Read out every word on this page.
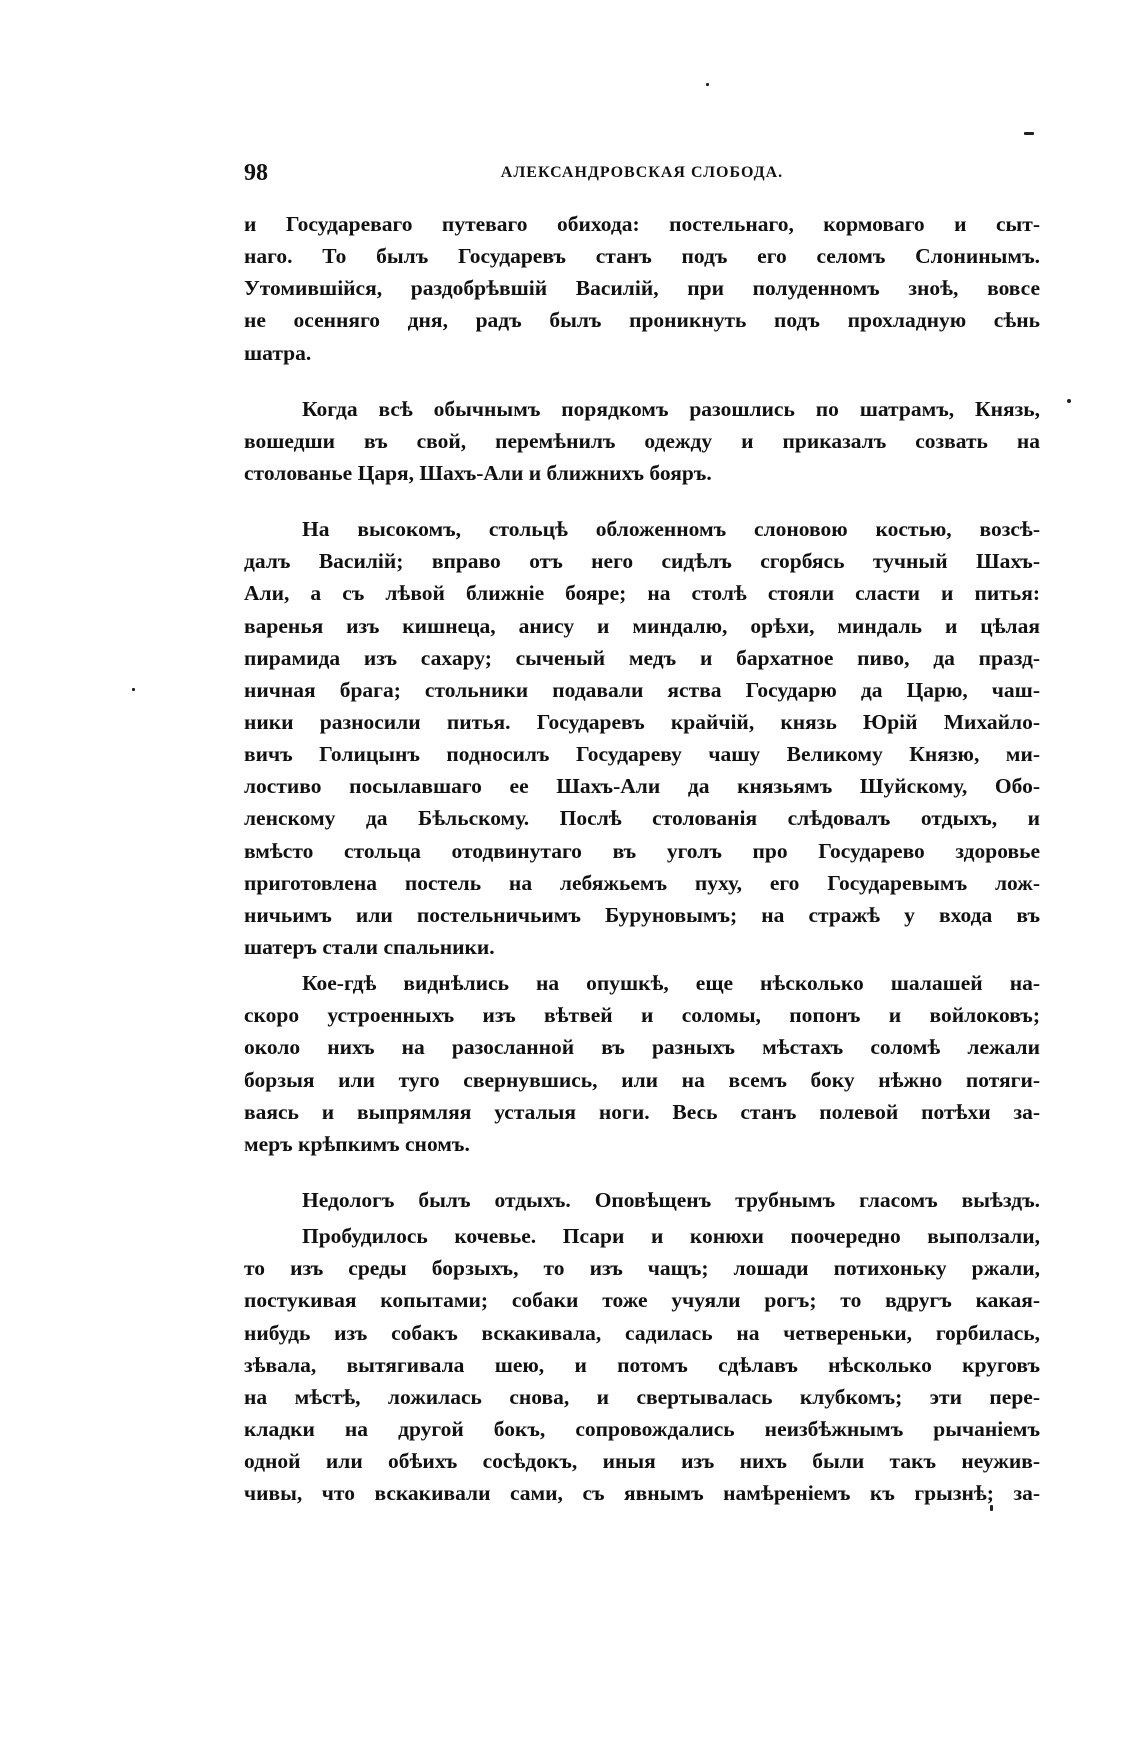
98	АЛЕКСАНДРОВСКАЯ СЛОБОДА.
и Государеваго путеваго обихода: постельнаго, кормоваго и сыт-
наго. То былъ Государевъ станъ подъ его селомъ Слонинымъ.
Утомившійся, раздобрѣвшій Василій, при полуденномъ зноѣ, вовсе
не осенняго дня, радъ былъ проникнуть подъ прохладную сѣнь
шатра.
Когда всѣ обычнымъ порядкомъ разошлись по шатрамъ, Князь,
вошедши въ свой, перемѣнилъ одежду и приказалъ созвать на
столованье Царя, Шахъ-Али и ближнихъ бояръ.
На высокомъ, стольцѣ обложенномъ слоновою костью, возсѣ-
далъ Василій; вправо отъ него сидѣлъ сгорбясь тучный Шахъ-
Али, а съ лѣвой ближніе бояре; на столѣ стояли сласти и питья:
варенья изъ кишнеца, анису и миндалю, орѣхи, миндаль и цѣлая
пирамида изъ сахару; сыченый медъ и бархатное пиво, да празд-
ничная брага; стольники подавали яства Государю да Царю, чаш-
ники разносили питья. Государевъ крайчій, князь Юрій Михайло-
вичъ Голицынъ подносилъ Государеву чашу Великому Князю, ми-
лостиво посылавшаго ее Шахъ-Али да князьямъ Шуйскому, Обо-
ленскому да Бѣльскому. Послѣ столованія слѣдовалъ отдыхъ, и
вмѣсто стольца отодвинутаго въ уголъ про Государево здоровье
приготовлена постель на лебяжьемъ пуху, его Государевымъ лож-
ничьимъ или постельничьимъ Буруновымъ; на стражѣ у входа въ
шатеръ стали спальники.
Кое-гдѣ виднѣлись на опушкѣ, еще нѣсколько шалашей на-
скоро устроенныхъ изъ вѣтвей и соломы, попонъ и войлоковъ;
около нихъ на разосланной въ разныхъ мѣстахъ соломѣ лежали
борзыя или туго свернувшись, или на всемъ боку нѣжно потяги-
ваясь и выпрямляя усталыя ноги. Весь станъ полевой потѣхи за-
меръ крѣпкимъ сномъ.
Недологъ былъ отдыхъ. Оповѣщенъ трубнымъ гласомъ выѣздъ.
Пробудилось кочевье. Псари и конюхи поочередно выползали,
то изъ среды борзыхъ, то изъ чащъ; лошади потихоньку ржали,
постукивая копытами; собаки тоже учуяли рогъ; то вдругъ какая-
нибудь изъ собакъ вскакивала, садилась на четвереньки, горбилась,
зѣвала, вытягивала шею, и потомъ сдѣлавъ нѣсколько круговъ
на мѣстѣ, ложилась снова, и свертывалась клубкомъ; эти пере-
кладки на другой бокъ, сопровождались неизбѣжнымъ рычаніемъ
одной или обѣихъ сосѣдокъ, иныя изъ нихъ были такъ неужив-
чивы, что вскакивали сами, съ явнымъ намѣреніемъ къ грызнѣ; за-
